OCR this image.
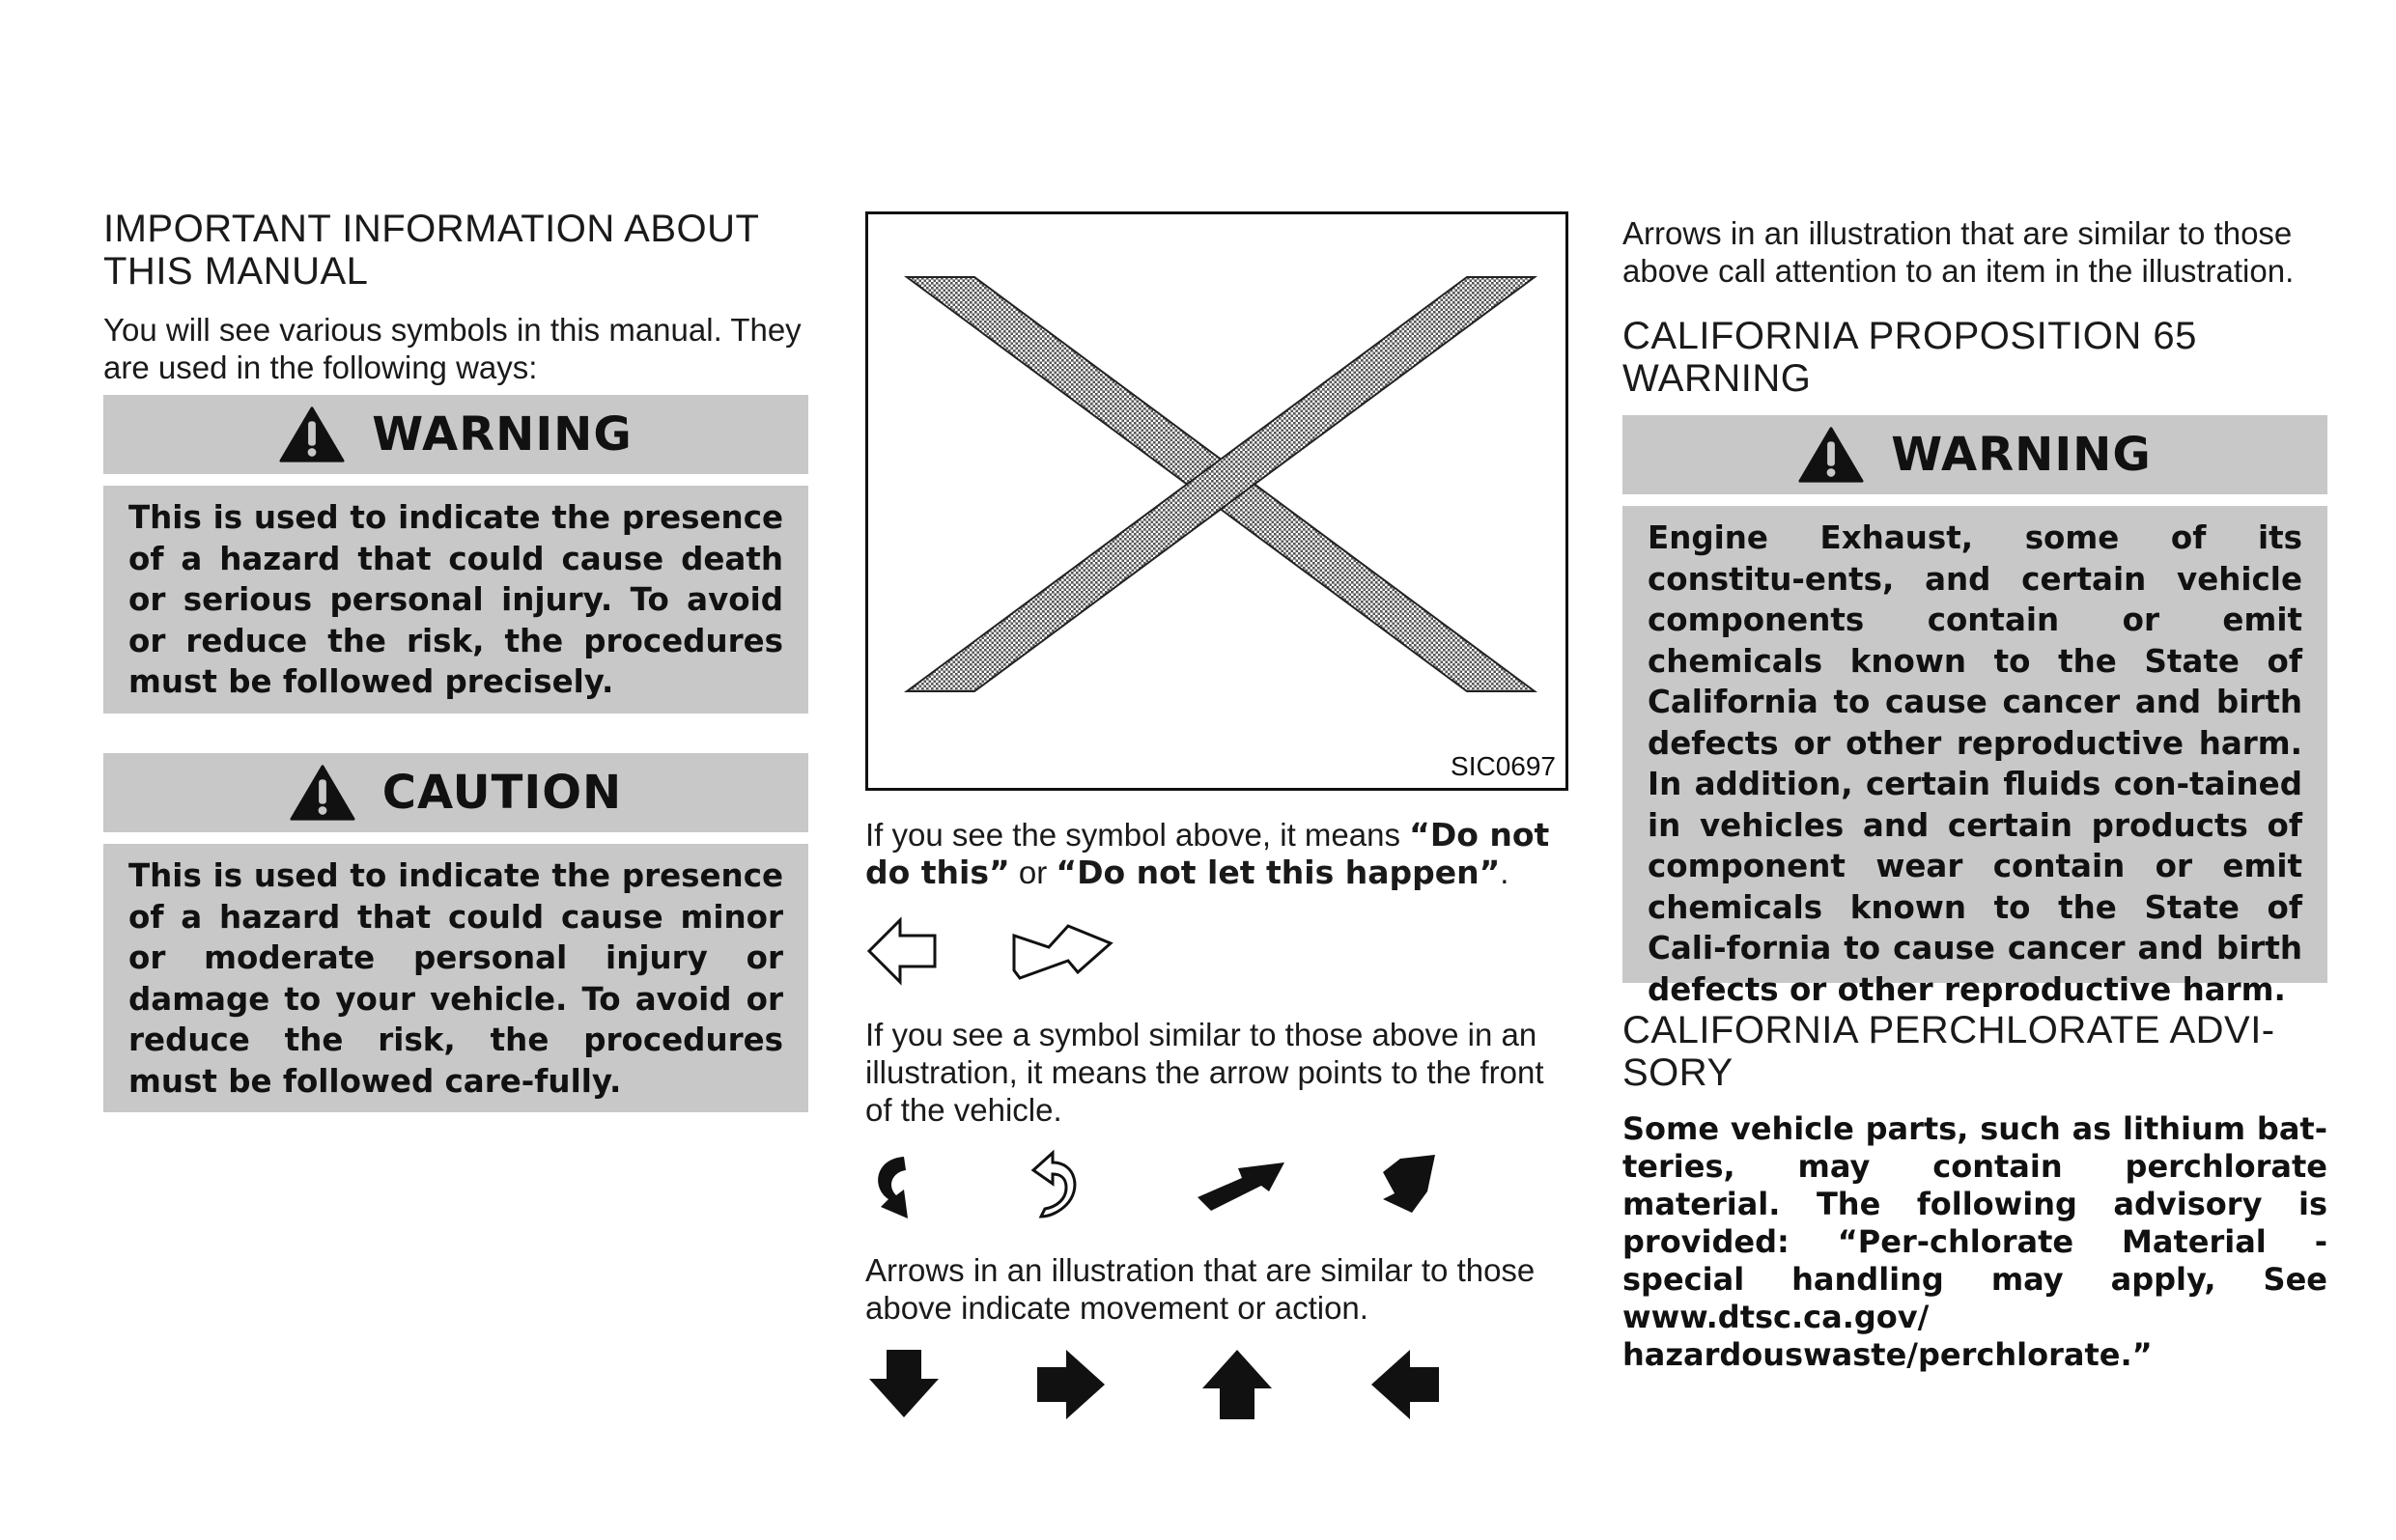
IMPORTANT INFORMATION ABOUT
THIS MANUAL

You will see various symbols in this manual. They
are used in the following ways:

WARNING

This is used to indicate the presence of a hazard that could cause death or serious personal injury. To avoid or reduce the risk, the procedures must be followed precisely.

CAUTION

This is used to indicate the presence of a hazard that could cause minor or moderate personal injury or damage to your vehicle. To avoid or reduce the risk, the procedures must be followed care-fully.

SIC0697

If you see the symbol above, it means “Do not do this” or “Do not let this happen”.

If you see a symbol similar to those above in an
illustration, it means the arrow points to the front
of the vehicle.

Arrows in an illustration that are similar to those
above indicate movement or action.

Arrows in an illustration that are similar to those
above call attention to an item in the illustration.

CALIFORNIA PROPOSITION 65
WARNING
WARNING

Engine Exhaust, some of its constitu-ents, and certain vehicle components contain or emit chemicals known to the State of California to cause cancer and birth defects or other reproductive harm. In addition, certain fluids con-tained in vehicles and certain products of component wear contain or emit chemicals known to the State of Cali-fornia to cause cancer and birth defects or other reproductive harm.

CALIFORNIA PERCHLORATE ADVI-
SORY

Some vehicle parts, such as lithium bat-teries, may contain perchlorate material. The following advisory is provided: “Per-chlorate Material - special handling may apply, See www.dtsc.ca.gov/ hazardouswaste/perchlorate.”
